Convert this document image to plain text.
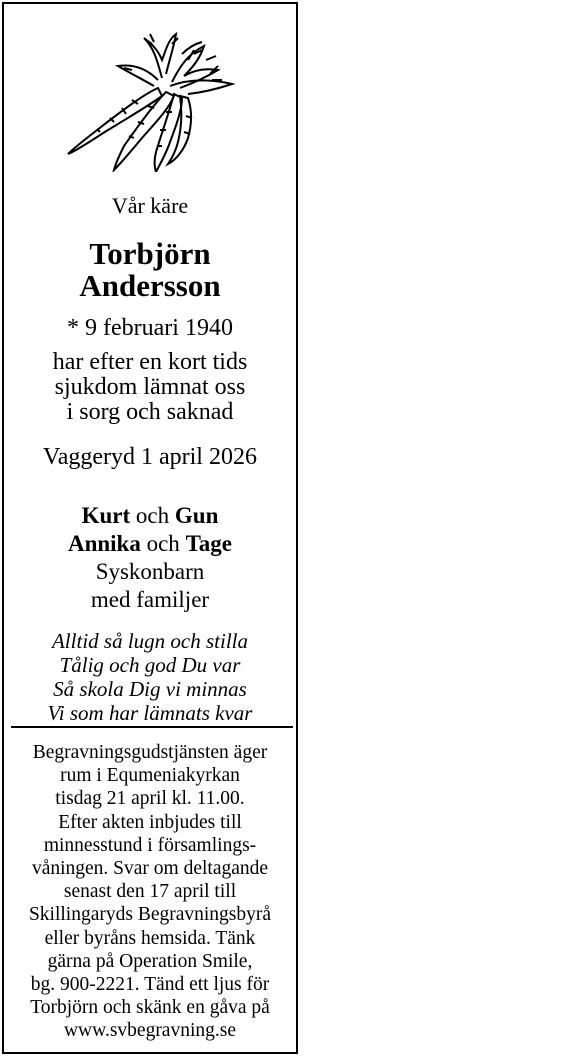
Vår käre
Torbjörn
Andersson
* 9 februari 1940
har efter en kort tids
sjukdom lämnat oss
i sorg och saknad
Vaggeryd 1 april 2026
Kurt och Gun
Annika och Tage
Syskonbarn
med familjer
Alltid så lugn och stilla
Tålig och god Du var
Så skola Dig vi minnas
Vi som har lämnats kvar
Begravningsgudstjänsten äger
rum i Equmeniakyrkan
tisdag 21 april kl. 11.00.
Efter akten inbjudes till
minnesstund i församlings-
våningen. Svar om deltagande
senast den 17 april till
Skillingaryds Begravningsbyrå
eller byråns hemsida. Tänk
gärna på Operation Smile,
bg. 900-2221. Tänd ett ljus för
Torbjörn och skänk en gåva på
www.svbegravning.se
